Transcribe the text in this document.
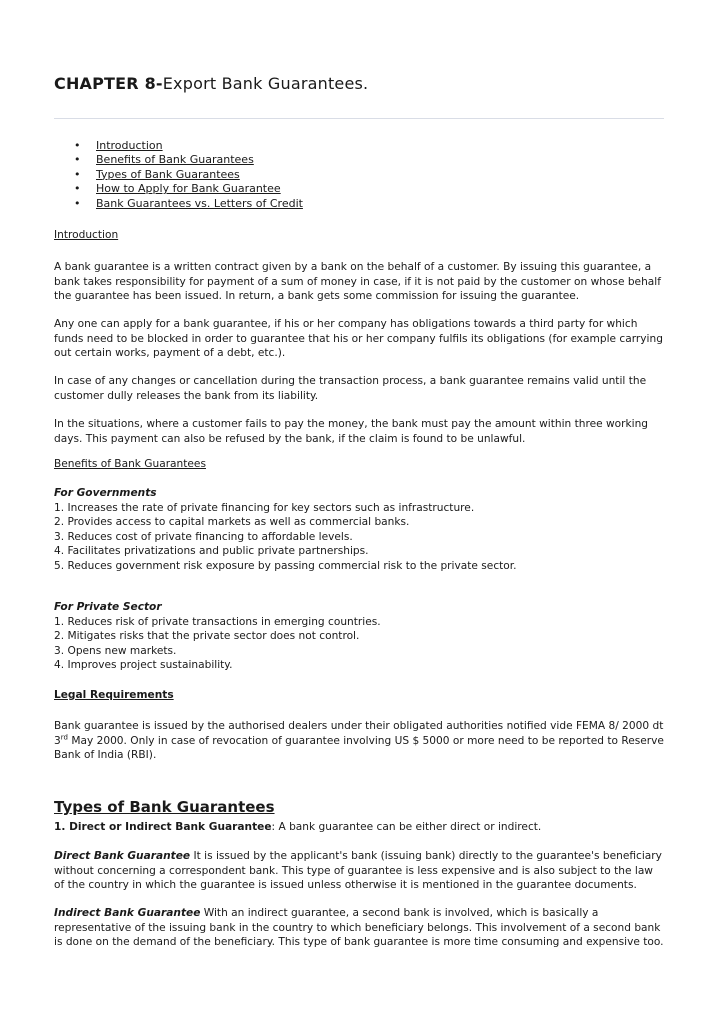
CHAPTER 8-Export Bank Guarantees.
• Introduction
• Benefits of Bank Guarantees
• Types of Bank Guarantees
• How to Apply for Bank Guarantee
• Bank Guarantees vs. Letters of Credit
Introduction

A bank guarantee is a written contract given by a bank on the behalf of a customer. By issuing this guarantee, a bank takes responsibility for payment of a sum of money in case, if it is not paid by the customer on whose behalf the guarantee has been issued. In return, a bank gets some commission for issuing the guarantee.

Any one can apply for a bank guarantee, if his or her company has obligations towards a third party for which funds need to be blocked in order to guarantee that his or her company fulfils its obligations (for example carrying out certain works, payment of a debt, etc.).

In case of any changes or cancellation during the transaction process, a bank guarantee remains valid until the customer dully releases the bank from its liability.

In the situations, where a customer fails to pay the money, the bank must pay the amount within three working days. This payment can also be refused by the bank, if the claim is found to be unlawful.

Benefits of Bank Guarantees

For Governments

1. Increases the rate of private financing for key sectors such as infrastructure.

2. Provides access to capital markets as well as commercial banks.

3. Reduces cost of private financing to affordable levels.

4. Facilitates privatizations and public private partnerships.

5. Reduces government risk exposure by passing commercial risk to the private sector.

For Private Sector

1. Reduces risk of private transactions in emerging countries.

2. Mitigates risks that the private sector does not control.

3. Opens new markets.

4. Improves project sustainability.

Legal Requirements

Bank guarantee is issued by the authorised dealers under their obligated authorities notified vide FEMA 8/ 2000 dt 3rd May 2000. Only in case of revocation of guarantee involving US $ 5000 or more need to be reported to Reserve Bank of India (RBI).

Types of Bank Guarantees

1. Direct or Indirect Bank Guarantee: A bank guarantee can be either direct or indirect.

Direct Bank Guarantee It is issued by the applicant's bank (issuing bank) directly to the guarantee's beneficiary without concerning a correspondent bank. This type of guarantee is less expensive and is also subject to the law of the country in which the guarantee is issued unless otherwise it is mentioned in the guarantee documents.

Indirect Bank Guarantee With an indirect guarantee, a second bank is involved, which is basically a representative of the issuing bank in the country to which beneficiary belongs. This involvement of a second bank is done on the demand of the beneficiary. This type of bank guarantee is more time consuming and expensive too.
